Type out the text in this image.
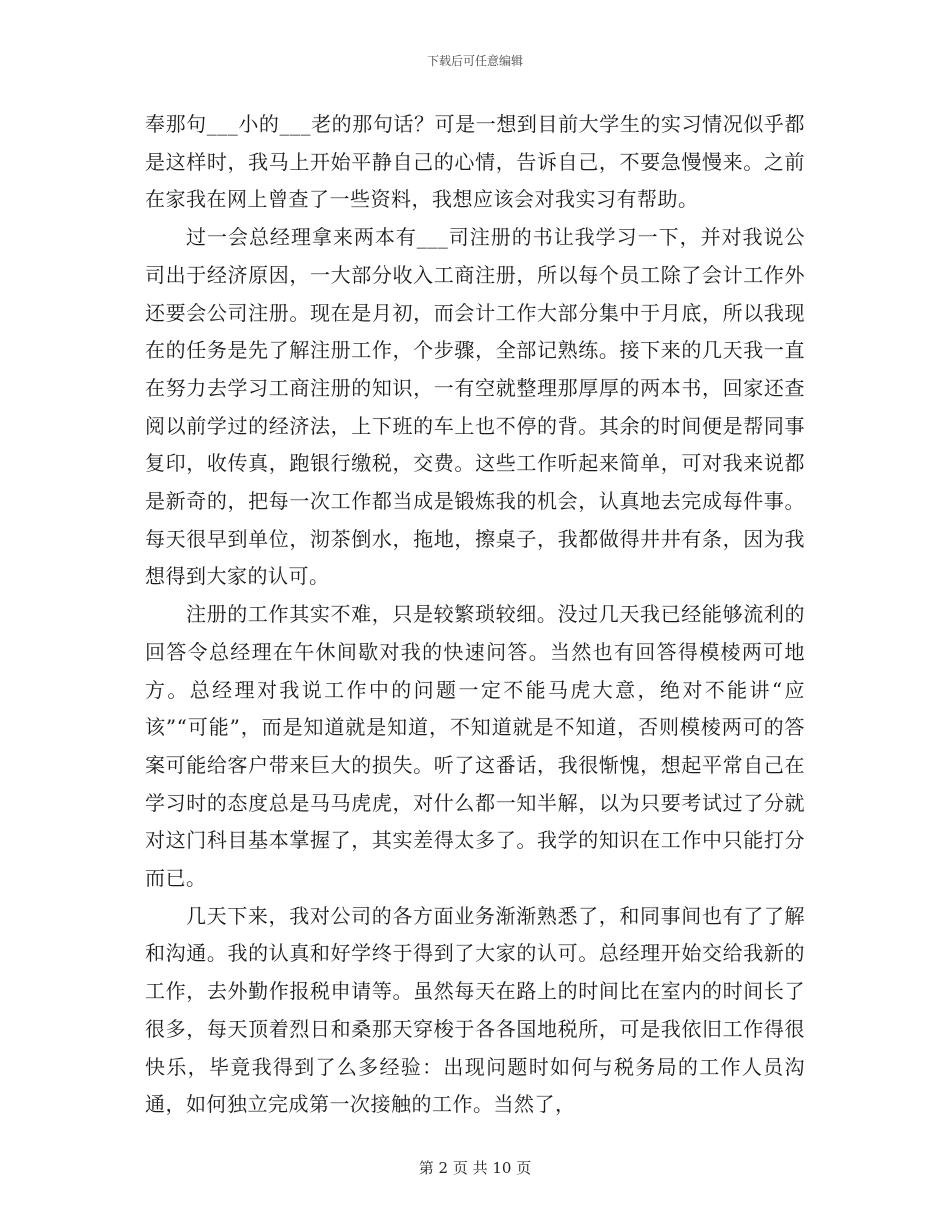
下载后可任意编辑

奉那句___小的___老的那句话？可是一想到目前大学生的实习情况似乎都是这样时，我马上开始平静自己的心情，告诉自己，不要急慢慢来。之前在家我在网上曾查了一些资料，我想应该会对我实习有帮助。

过一会总经理拿来两本有___司注册的书让我学习一下，并对我说公司出于经济原因，一大部分收入工商注册，所以每个员工除了会计工作外还要会公司注册。现在是月初，而会计工作大部分集中于月底，所以我现在的任务是先了解注册工作，个步骤，全部记熟练。接下来的几天我一直在努力去学习工商注册的知识，一有空就整理那厚厚的两本书，回家还查阅以前学过的经济法，上下班的车上也不停的背。其余的时间便是帮同事复印，收传真，跑银行缴税，交费。这些工作听起来简单，可对我来说都是新奇的，把每一次工作都当成是锻炼我的机会，认真地去完成每件事。每天很早到单位，沏茶倒水，拖地，擦桌子，我都做得井井有条，因为我想得到大家的认可。

注册的工作其实不难，只是较繁琐较细。没过几天我已经能够流利的回答令总经理在午休间歇对我的快速问答。当然也有回答得模棱两可地方。总经理对我说工作中的问题一定不能马虎大意，绝对不能讲“应该”“可能”，而是知道就是知道，不知道就是不知道，否则模棱两可的答案可能给客户带来巨大的损失。听了这番话，我很惭愧，想起平常自己在学习时的态度总是马马虎虎，对什么都一知半解，以为只要考试过了分就对这门科目基本掌握了，其实差得太多了。我学的知识在工作中只能打分而已。

几天下来，我对公司的各方面业务渐渐熟悉了，和同事间也有了了解和沟通。我的认真和好学终于得到了大家的认可。总经理开始交给我新的工作，去外勤作报税申请等。虽然每天在路上的时间比在室内的时间长了很多，每天顶着烈日和桑那天穿梭于各各国地税所，可是我依旧工作得很快乐，毕竟我得到了么多经验：出现问题时如何与税务局的工作人员沟通，如何独立完成第一次接触的工作。当然了，

第 2 页 共 10 页
